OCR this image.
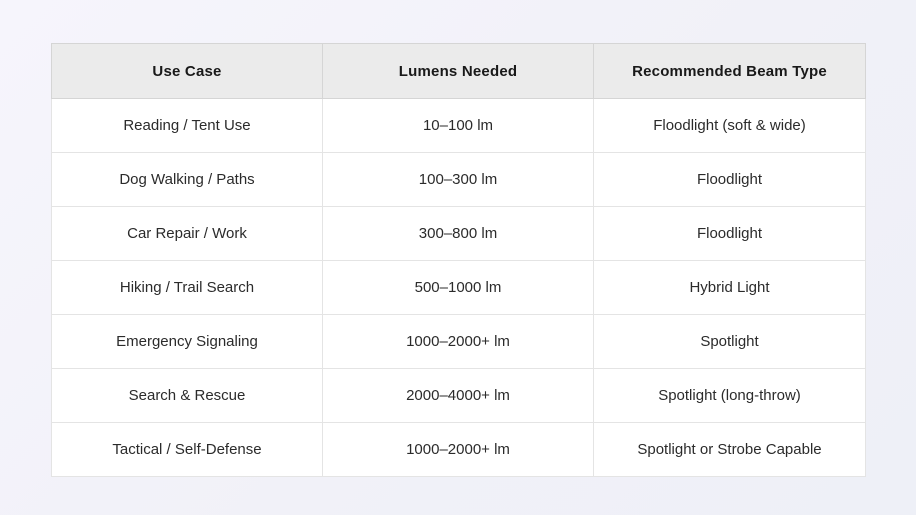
Use Case	Lumens Needed	Recommended Beam Type
Reading / Tent Use	10–100 lm	Floodlight (soft & wide)
Dog Walking / Paths	100–300 lm	Floodlight
Car Repair / Work	300–800 lm	Floodlight
Hiking / Trail Search	500–1000 lm	Hybrid Light
Emergency Signaling	1000–2000+ lm	Spotlight
Search & Rescue	2000–4000+ lm	Spotlight (long-throw)
Tactical / Self-Defense	1000–2000+ lm	Spotlight or Strobe Capable
